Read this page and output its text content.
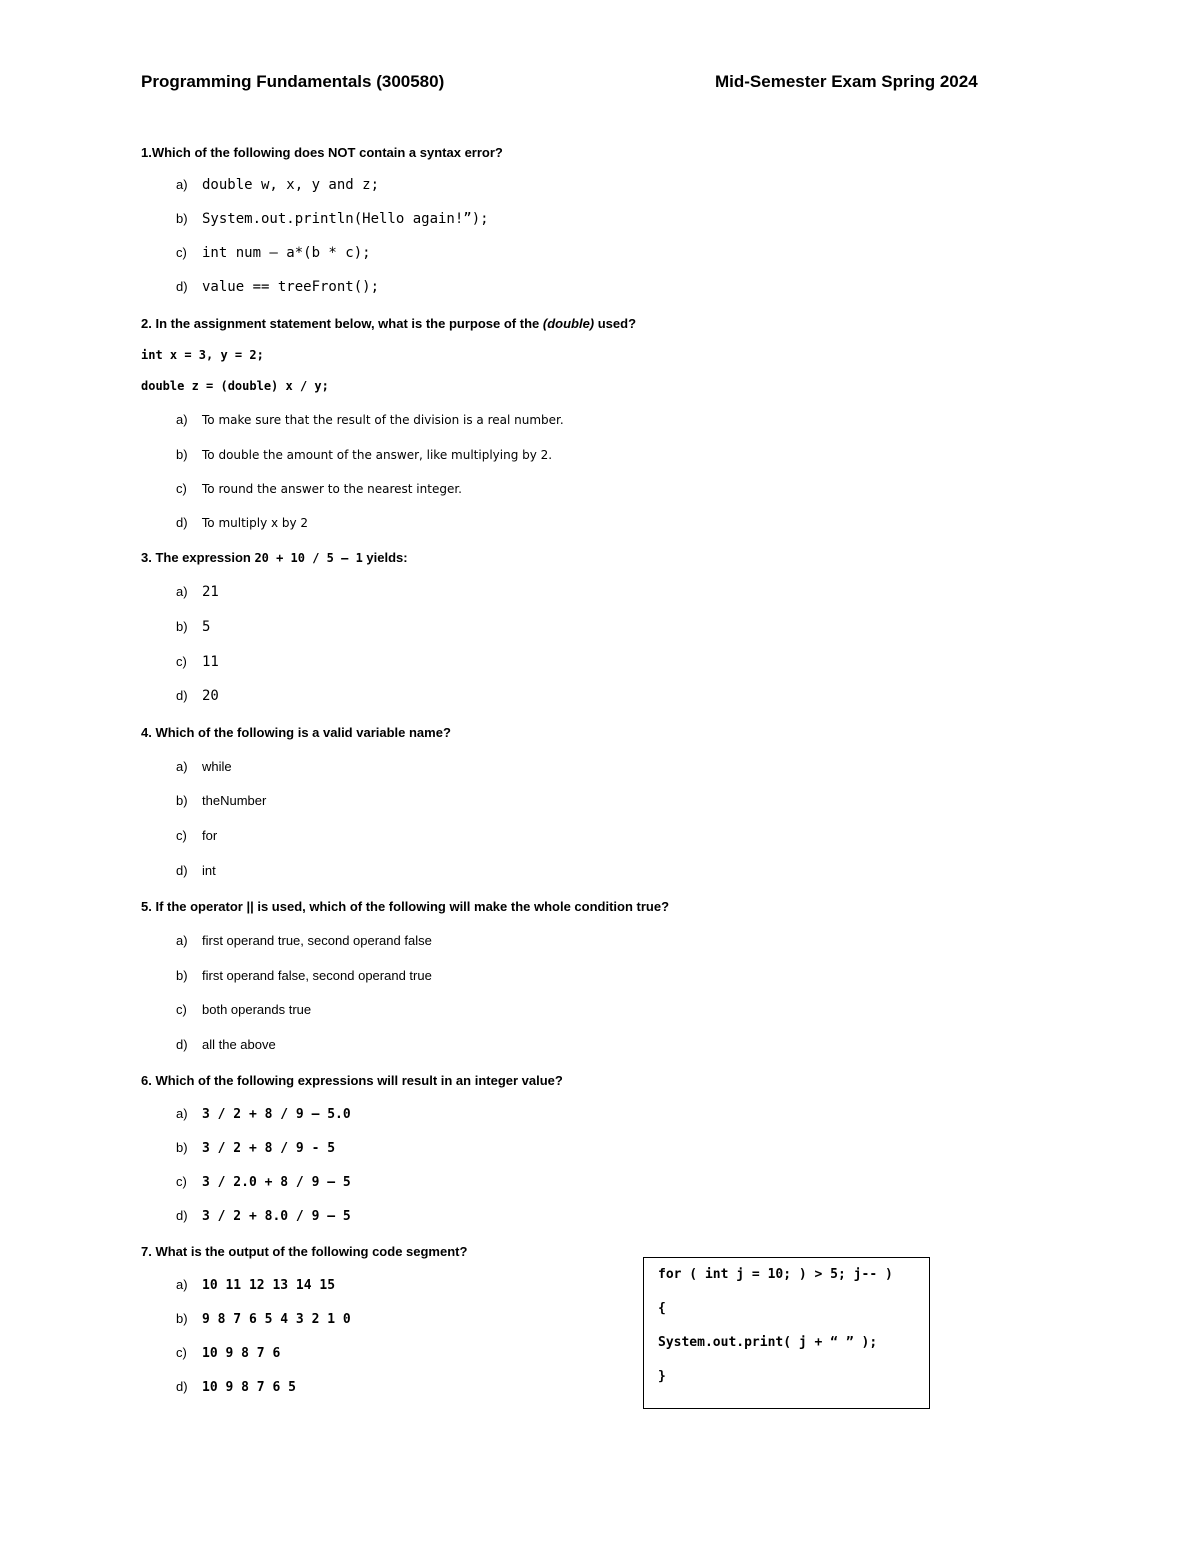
Programming Fundamentals (300580)	Mid-Semester Exam Spring 2024
1.Which of the following does NOT contain a syntax error?
a) double w, x, y and z;
b) System.out.println(Hello again!”);
c) int num – a*(b * c);
d) value == treeFront();
2. In the assignment statement below, what is the purpose of the (double) used?
int x = 3, y = 2;
double z = (double) x / y;
a) To make sure that the result of the division is a real number.
b) To double the amount of the answer, like multiplying by 2.
c) To round the answer to the nearest integer.
d) To multiply x by 2
3. The expression 20 + 10 / 5 – 1 yields:
a) 21
b) 5
c) 11
d) 20
4. Which of the following is a valid variable name?
a) while
b) theNumber
c) for
d) int
5. If the operator || is used, which of the following will make the whole condition true?
a) first operand true, second operand false
b) first operand false, second operand true
c) both operands true
d) all the above
6. Which of the following expressions will result in an integer value?
a) 3 / 2 + 8 / 9 – 5.0
b) 3 / 2 + 8 / 9 - 5
c) 3 / 2.0 + 8 / 9 – 5
d) 3 / 2 + 8.0 / 9 – 5
7. What is the output of the following code segment?
a) 10 11 12 13 14 15
b) 9 8 7 6 5 4 3 2 1 0
c) 10 9 8 7 6
d) 10 9 8 7 6 5
for ( int j = 10; ) > 5; j-- )
{
System.out.print( j + “ ” );
}
